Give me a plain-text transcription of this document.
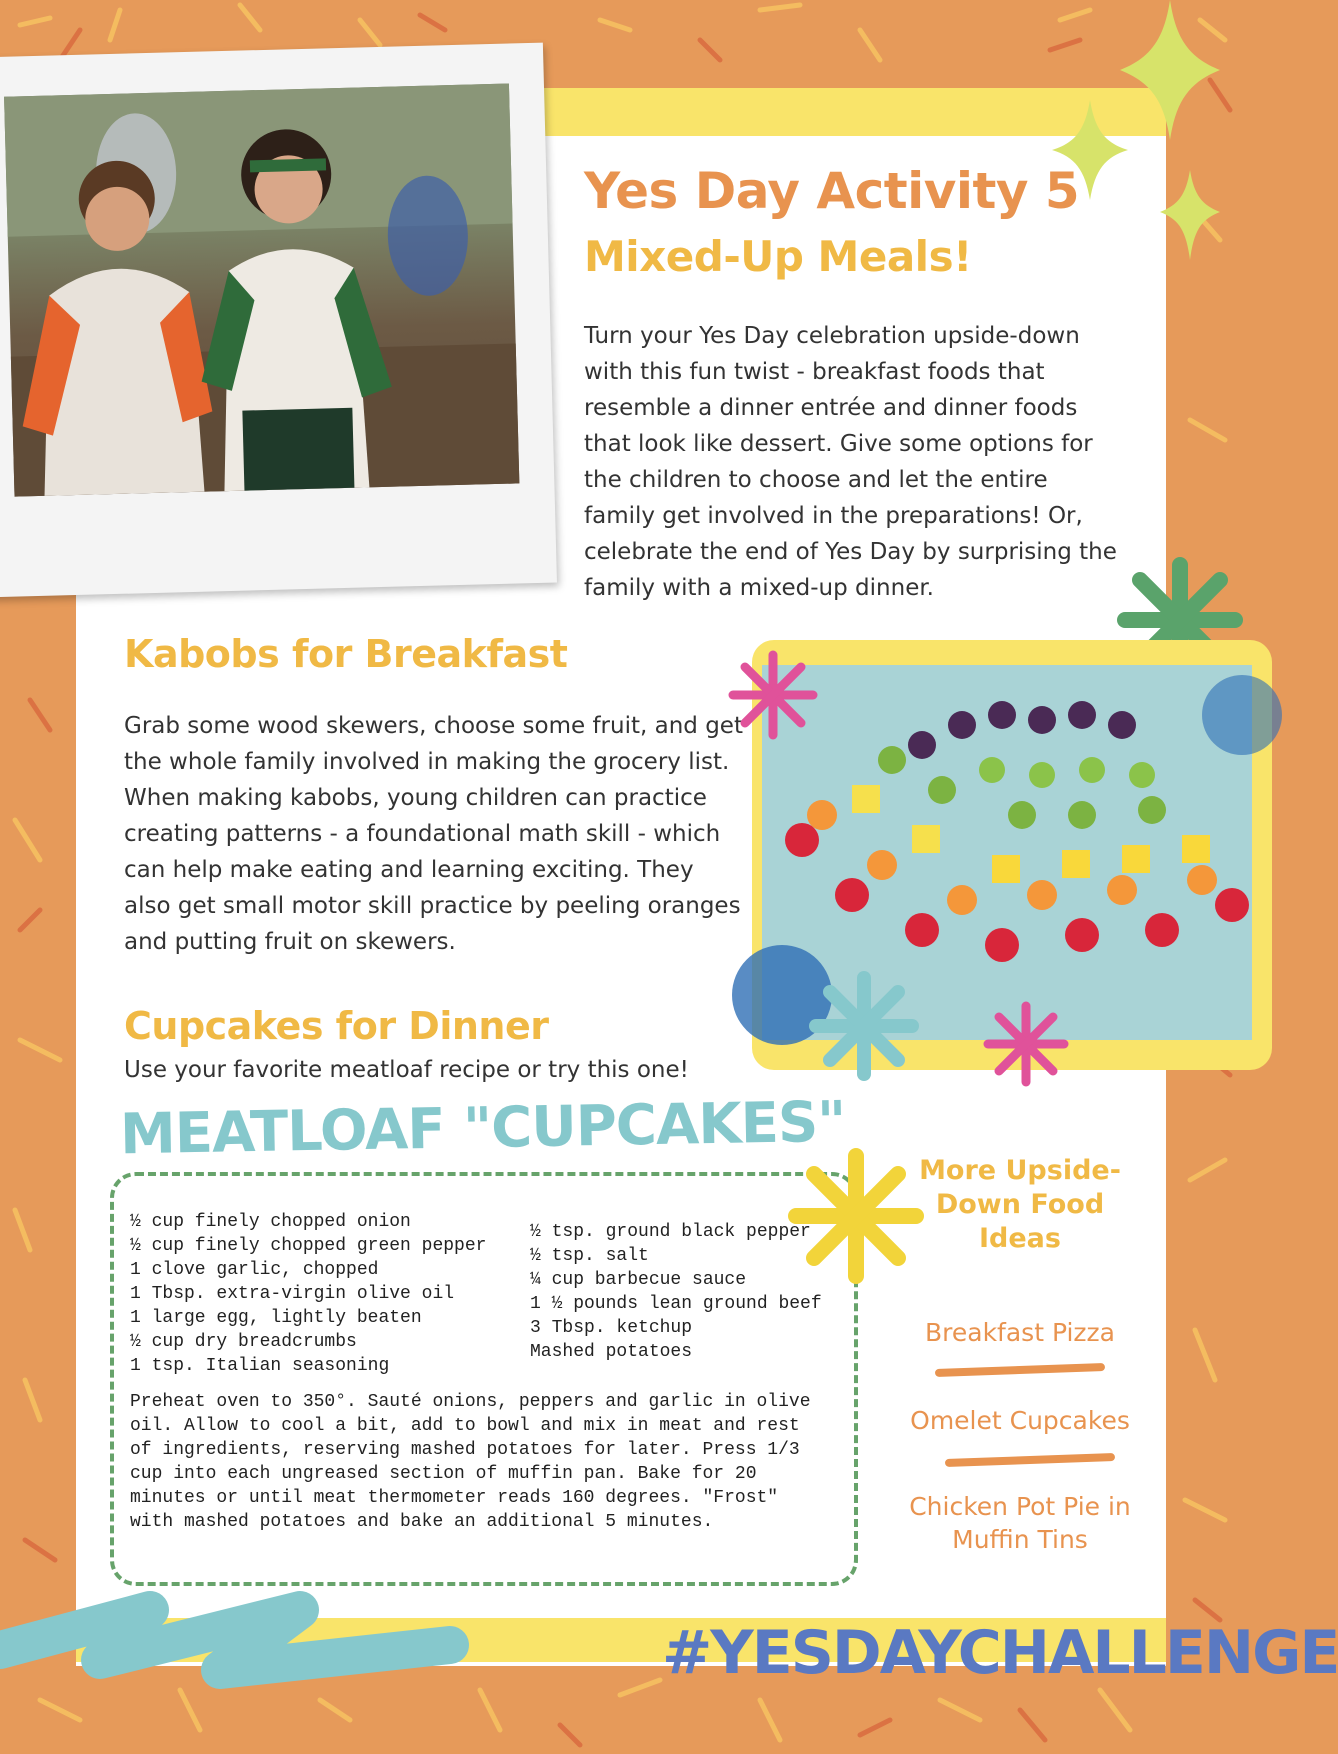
Yes Day Activity 5
Mixed-Up Meals!

Turn your Yes Day celebration upside-down with this fun twist - breakfast foods that resemble a dinner entrée and dinner foods that look like dessert. Give some options for the children to choose and let the entire family get involved in the preparations! Or, celebrate the end of Yes Day by surprising the family with a mixed-up dinner.

Kabobs for Breakfast

Grab some wood skewers, choose some fruit, and get the whole family involved in making the grocery list. When making kabobs, young children can practice creating patterns - a foundational math skill - which can help make eating and learning exciting. They also get small motor skill practice by peeling oranges and putting fruit on skewers.

Cupcakes for Dinner

Use your favorite meatloaf recipe or try this one!

MEATLOAF "CUPCAKES"

½ cup finely chopped onion

½ cup finely chopped green pepper

1 clove garlic, chopped

1 Tbsp. extra-virgin olive oil

1 large egg, lightly beaten

½ cup dry breadcrumbs

1 tsp. Italian seasoning

½ tsp. ground black pepper

½ tsp. salt

¼ cup barbecue sauce

1 ½ pounds lean ground beef

3 Tbsp. ketchup

Mashed potatoes

Preheat oven to 350°. Sauté onions, peppers and garlic in olive oil. Allow to cool a bit, add to bowl and mix in meat and rest of ingredients, reserving mashed potatoes for later. Press 1/3 cup into each ungreased section of muffin pan. Bake for 20 minutes or until meat thermometer reads 160 degrees. "Frost" with mashed potatoes and bake an additional 5 minutes.

More Upside-Down Food Ideas

Breakfast Pizza

Omelet Cupcakes

Chicken Pot Pie in Muffin Tins

#YESDAYCHALLENGE
